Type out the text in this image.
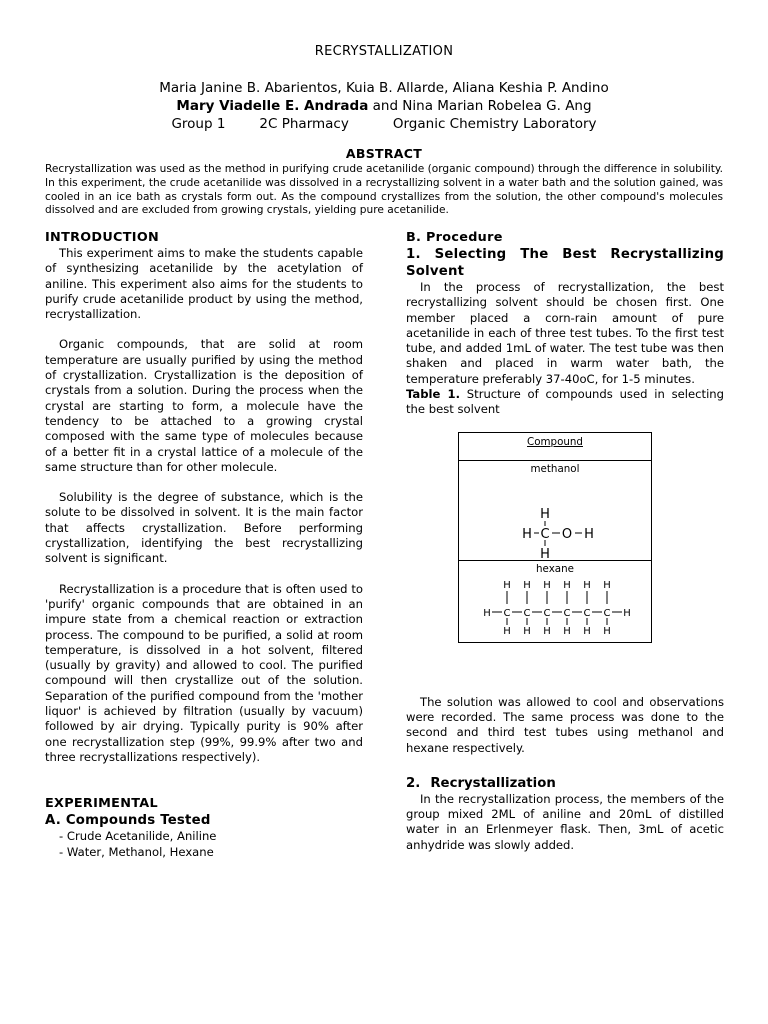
RECRYSTALLIZATION
Maria Janine B. Abarientos, Kuia B. Allarde, Aliana Keshia P. Andino
Mary Viadelle E. Andrada and Nina Marian Robelea G. Ang
Group 1	2C Pharmacy	Organic Chemistry Laboratory
ABSTRACT
Recrystallization was used as the method in purifying crude acetanilide (organic compound) through the difference in solubility. In this experiment, the crude acetanilide was dissolved in a recrystallizing solvent in a water bath and the solution gained, was cooled in an ice bath as crystals form out. As the compound crystallizes from the solution, the other compound's molecules dissolved and are excluded from growing crystals, yielding pure acetanilide.
INTRODUCTION

This experiment aims to make the students capable of synthesizing acetanilide by the acetylation of aniline. This experiment also aims for the students to purify crude acetanilide product by using the method, recrystallization.

Organic compounds, that are solid at room temperature are usually purified by using the method of crystallization. Crystallization is the deposition of crystals from a solution. During the process when the crystal are starting to form, a molecule have the tendency to be attached to a growing crystal composed with the same type of molecules because of a better fit in a crystal lattice of a molecule of the same structure than for other molecule.

Solubility is the degree of substance, which is the solute to be dissolved in solvent. It is the main factor that affects crystallization. Before performing crystallization, identifying the best recrystallizing solvent is significant.

Recrystallization is a procedure that is often used to 'purify' organic compounds that are obtained in an impure state from a chemical reaction or extraction process. The compound to be purified, a solid at room temperature, is dissolved in a hot solvent, filtered (usually by gravity) and allowed to cool. The purified compound will then crystallize out of the solution. Separation of the purified compound from the 'mother liquor' is achieved by filtration (usually by vacuum) followed by air drying. Typically purity is 90% after one recrystallization step (99%, 99.9% after two and three recrystallizations respectively).

EXPERIMENTAL
A. Compounds Tested

- Crude Acetanilide, Aniline

- Water, Methanol, Hexane

B. Procedure
1. Selecting The Best Recrystallizing Solvent

In the process of recrystallization, the best recrystallizing solvent should be chosen first. One member placed a corn-rain amount of pure acetanilide in each of three test tubes. To the first test tube, and added 1mL of water. The test tube was then shaken and placed in warm water bath, the temperature preferably 37-40oC, for 1-5 minutes.

Table 1. Structure of compounds used in selecting the best solvent

Compound
methanol
H
H C O H
H
hexane
H
H
C
H
H
C
H
H
C
H
H
C
H
H
C
H
H
C
H
H

The solution was allowed to cool and observations were recorded. The same process was done to the second and third test tubes using methanol and hexane respectively.

2. Recrystallization

In the recrystallization process, the members of the group mixed 2ML of aniline and 20mL of distilled water in an Erlenmeyer flask. Then, 3mL of acetic anhydride was slowly added.
